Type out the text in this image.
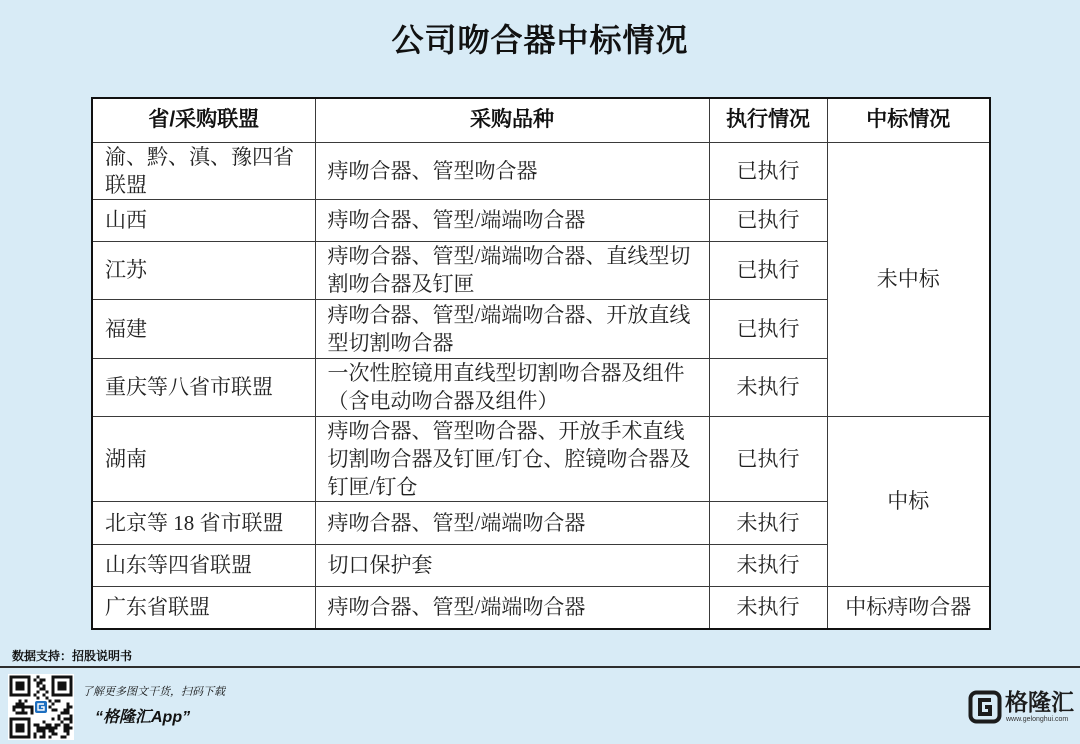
公司吻合器中标情况
省/采购联盟	采购品种	执行情况	中标情况
渝、黔、滇、豫四省联盟	痔吻合器、管型吻合器	已执行	未中标
山西	痔吻合器、管型/端端吻合器	已执行	
江苏	痔吻合器、管型/端端吻合器、直线型切割吻合器及钉匣	已执行	
福建	痔吻合器、管型/端端吻合器、开放直线型切割吻合器	已执行	
重庆等八省市联盟	一次性腔镜用直线型切割吻合器及组件（含电动吻合器及组件）	未执行	
湖南	痔吻合器、管型吻合器、开放手术直线切割吻合器及钉匣/钉仓、腔镜吻合器及钉匣/钉仓	已执行	中标
北京等 18 省市联盟	痔吻合器、管型/端端吻合器	未执行	
山东等四省联盟	切口保护套	未执行	
广东省联盟	痔吻合器、管型/端端吻合器	未执行	中标痔吻合器
数据支持：招股说明书
了解更多图文干货，扫码下载
“格隆汇App”
格隆汇
www.gelonghui.com
